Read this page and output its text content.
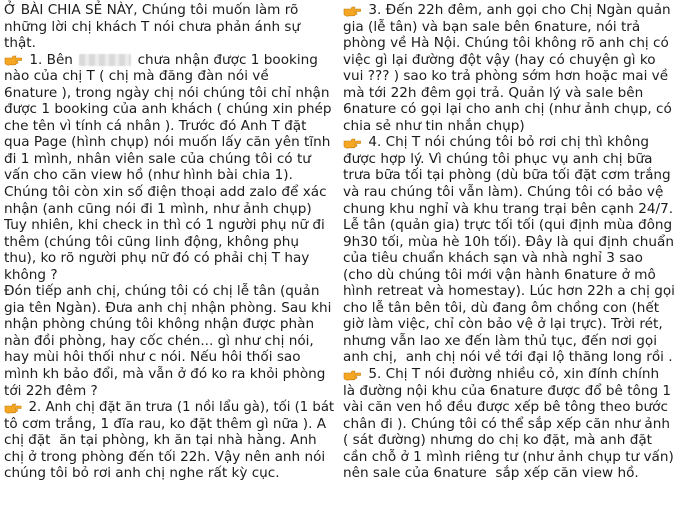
Ở BÀI CHIA SẺ NÀY, Chúng tôi muốn làm rõ
những lời chị khách T nói chưa phản ánh sự
thật.
1. Bên	chưa nhận được 1 booking
nào của chị T ( chị mà đăng đàn nói về
6nature ), trong ngày chị nói chúng tôi chỉ nhận
được 1 booking của anh khách ( chúng xin phép
che tên vì tính cá nhân ). Trước đó Anh T đặt
qua Page (hình chụp) nói muốn lấy căn yên tĩnh
đi 1 mình, nhân viên sale của chúng tôi có tư
vấn cho căn view hồ (như hình bài chia 1).
Chúng tôi còn xin số điện thoại add zalo để xác
nhận (anh cũng nói đi 1 mình, như ảnh chụp)
Tuy nhiên, khi check in thì có 1 người phụ nữ đi
thêm (chúng tôi cũng linh động, không phụ
thu), ko rõ người phụ nữ đó có phải chị T hay
không ?
Đón tiếp anh chị, chúng tôi có chị lễ tân (quản
gia tên Ngàn). Đưa anh chị nhận phòng. Sau khi
nhận phòng chúng tôi không nhận được phàn
nàn đồi phòng, hay cốc chén... gì như chị nói,
hay mùi hôi thối như c nói. Nếu hôi thối sao
mình kh bảo đổi, mà vẫn ở đó ko ra khỏi phòng
tới 22h đêm ?
2. Anh chị đặt ăn trưa (1 nồi lẩu gà), tối (1 bát
tô cơm trắng, 1 đĩa rau, ko đặt thêm gì nữa ). A
chị đặt  ăn tại phòng, kh ăn tại nhà hàng. Anh
chị ở trong phòng đến tối 22h. Vậy nên anh nói
chúng tôi bỏ rơi anh chị nghe rất kỳ cục.
3. Đến 22h đêm, anh gọi cho Chị Ngàn quản
gia (lễ tân) và bạn sale bên 6nature, nói trả
phòng về Hà Nội. Chúng tôi không rõ anh chị có
việc gì lại đường đột vậy (hay có chuyện gì ko
vui ??? ) sao ko trả phòng sớm hơn hoặc mai về
mà tới 22h đêm gọi trả. Quản lý và sale bên
6nature có gọi lại cho anh chị (như ảnh chụp, có
chia sẻ như tin nhắn chụp)
4. Chị T nói chúng tôi bỏ rơi chị thì không
được hợp lý. Vì chúng tôi phục vụ anh chị bữa
trưa bữa tối tại phòng (dù bữa tối đặt cơm trắng
và rau chúng tôi vẫn làm). Chúng tôi có bảo vệ
chung khu nghỉ và khu trang trại bên cạnh 24/7.
Lễ tân (quản gia) trực tối tối (qui định mùa đông
9h30 tối, mùa hè 10h tối). Đây là qui định chuẩn
của tiêu chuẩn khách sạn và nhà nghỉ 3 sao
(cho dù chúng tôi mới vận hành 6nature ở mô
hình retreat và homestay). Lúc hơn 22h a chị gọi
cho lễ tân bên tôi, dù đang ôm chồng con (hết
giờ làm việc, chỉ còn bảo vệ ở lại trực). Trời rét,
nhưng vẫn lao xe đến làm thủ tục, đến nơi gọi
anh chị,  anh chị nói về tới đại lộ thăng long rồi .
5. Chị T nói đường nhiều cỏ, xin đính chính
là đường nội khu của 6nature được đổ bê tông 1
vài căn ven hồ đều được xếp bê tông theo bước
chân đi ). Chúng tôi có thể sắp xếp căn như ảnh
( sát đường) nhưng do chị ko đặt, mà anh đặt
cần chỗ ở 1 mình riêng tư (như ảnh chụp tư vấn)
nên sale của 6nature  sắp xếp căn view hồ.
